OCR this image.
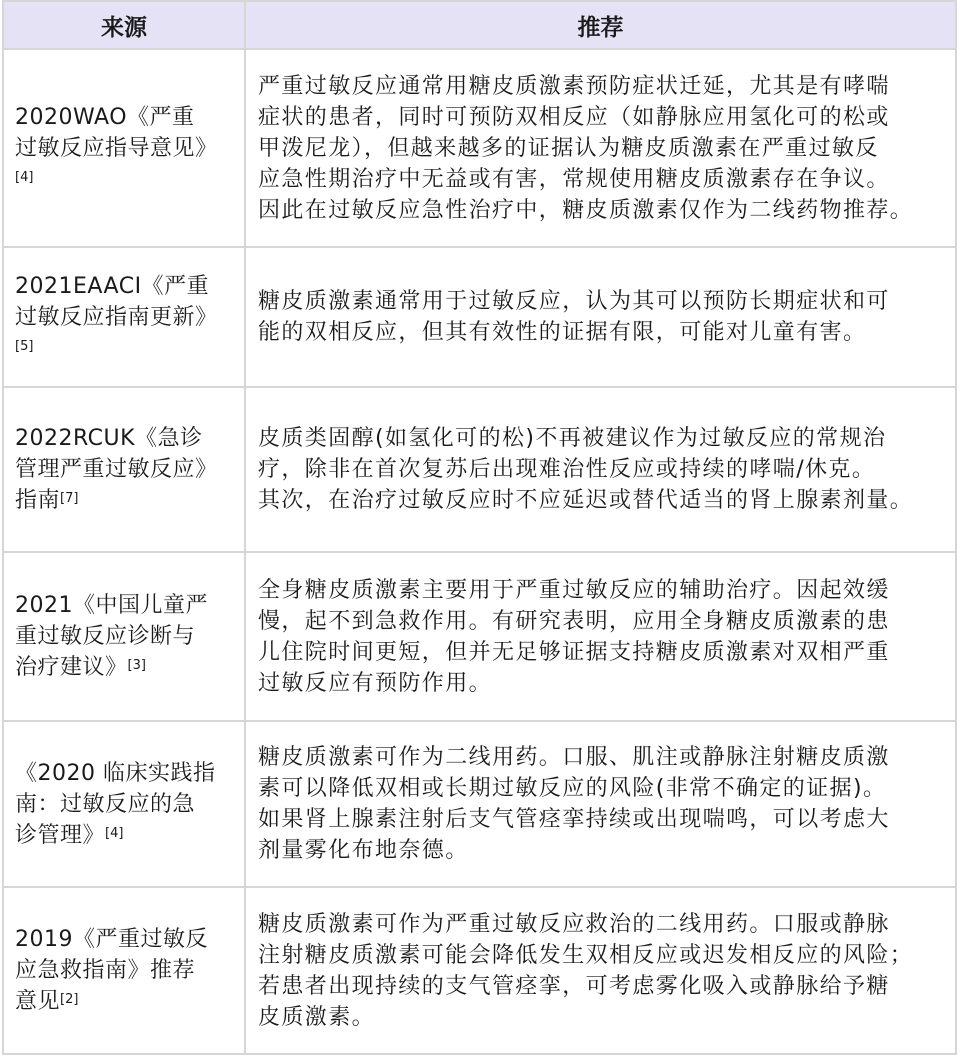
来源	推荐

2020WAO《严重
过敏反应指导意见》
[4]	严重过敏反应通常用糖皮质激素预防症状迁延，尤其是有哮喘
症状的患者，同时可预防双相反应（如静脉应用氢化可的松或
甲泼尼龙），但越来越多的证据认为糖皮质激素在严重过敏反
应急性期治疗中无益或有害，常规使用糖皮质激素存在争议。
因此在过敏反应急性治疗中，糖皮质激素仅作为二线药物推荐。

2021EAACI《严重
过敏反应指南更新》
[5]	糖皮质激素通常用于过敏反应，认为其可以预防长期症状和可
能的双相反应，但其有效性的证据有限，可能对儿童有害。

2022RCUK《急诊
管理严重过敏反应》
指南[7]	皮质类固醇(如氢化可的松)不再被建议作为过敏反应的常规治
疗，除非在首次复苏后出现难治性反应或持续的哮喘/休克。
其次，在治疗过敏反应时不应延迟或替代适当的肾上腺素剂量。

2021《中国儿童严
重过敏反应诊断与
治疗建议》[3]	全身糖皮质激素主要用于严重过敏反应的辅助治疗。因起效缓
慢，起不到急救作用。有研究表明，应用全身糖皮质激素的患
儿住院时间更短，但并无足够证据支持糖皮质激素对双相严重
过敏反应有预防作用。

《2020 临床实践指
南：过敏反应的急
诊管理》[4]	糖皮质激素可作为二线用药。口服、肌注或静脉注射糖皮质激
素可以降低双相或长期过敏反应的风险(非常不确定的证据)。
如果肾上腺素注射后支气管痉挛持续或出现喘鸣，可以考虑大
剂量雾化布地奈德。

2019《严重过敏反
应急救指南》推荐
意见[2]	糖皮质激素可作为严重过敏反应救治的二线用药。口服或静脉
注射糖皮质激素可能会降低发生双相反应或迟发相反应的风险；
若患者出现持续的支气管痉挛，可考虑雾化吸入或静脉给予糖
皮质激素。
